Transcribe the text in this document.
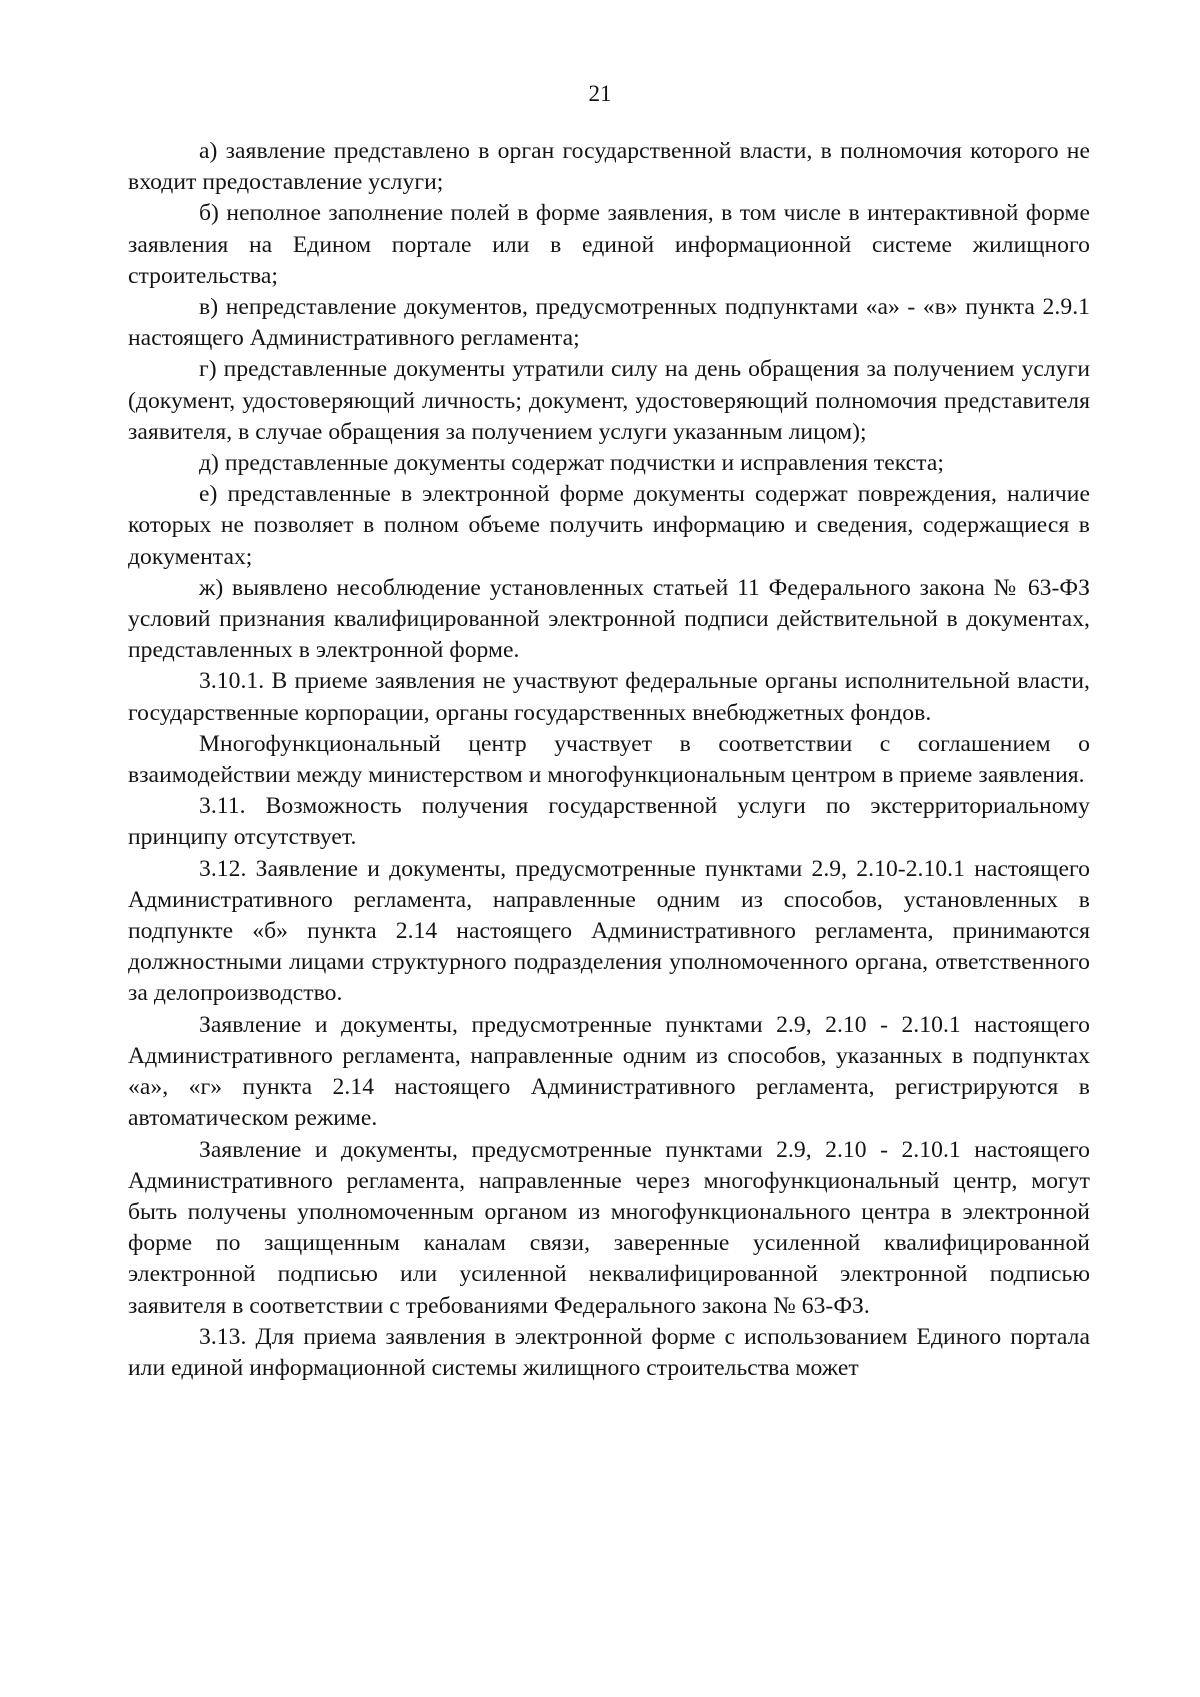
21

а) заявление представлено в орган государственной власти, в полномочия которого не входит предоставление услуги;

б) неполное заполнение полей в форме заявления, в том числе в интерактивной форме заявления на Едином портале или в единой информационной системе жилищного строительства;

в) непредставление документов, предусмотренных подпунктами «а» - «в» пункта 2.9.1 настоящего Административного регламента;

г) представленные документы утратили силу на день обращения за получением услуги (документ, удостоверяющий личность; документ, удостоверяющий полномочия представителя заявителя, в случае обращения за получением услуги указанным лицом);

д) представленные документы содержат подчистки и исправления текста;

е) представленные в электронной форме документы содержат повреждения, наличие которых не позволяет в полном объеме получить информацию и сведения, содержащиеся в документах;

ж) выявлено несоблюдение установленных статьей 11 Федерального закона № 63-ФЗ условий признания квалифицированной электронной подписи действительной в документах, представленных в электронной форме.

3.10.1. В приеме заявления не участвуют федеральные органы исполнительной власти, государственные корпорации, органы государственных внебюджетных фондов.

Многофункциональный центр участвует в соответствии с соглашением о взаимодействии между министерством и многофункциональным центром в приеме заявления.

3.11. Возможность получения государственной услуги по экстерриториальному принципу отсутствует.

3.12. Заявление и документы, предусмотренные пунктами 2.9, 2.10-2.10.1 настоящего Административного регламента, направленные одним из способов, установленных в подпункте «б» пункта 2.14 настоящего Административного регламента, принимаются должностными лицами структурного подразделения уполномоченного органа, ответственного за делопроизводство.

Заявление и документы, предусмотренные пунктами 2.9, 2.10 - 2.10.1 настоящего Административного регламента, направленные одним из способов, указанных в подпунктах «а», «г» пункта 2.14 настоящего Административного регламента, регистрируются в автоматическом режиме.

Заявление и документы, предусмотренные пунктами 2.9, 2.10 - 2.10.1 настоящего Административного регламента, направленные через многофункциональный центр, могут быть получены уполномоченным органом из многофункционального центра в электронной форме по защищенным каналам связи, заверенные усиленной квалифицированной электронной подписью или усиленной неквалифицированной электронной подписью заявителя в соответствии с требованиями Федерального закона № 63-ФЗ.

3.13. Для приема заявления в электронной форме с использованием Единого портала или единой информационной системы жилищного строительства может
